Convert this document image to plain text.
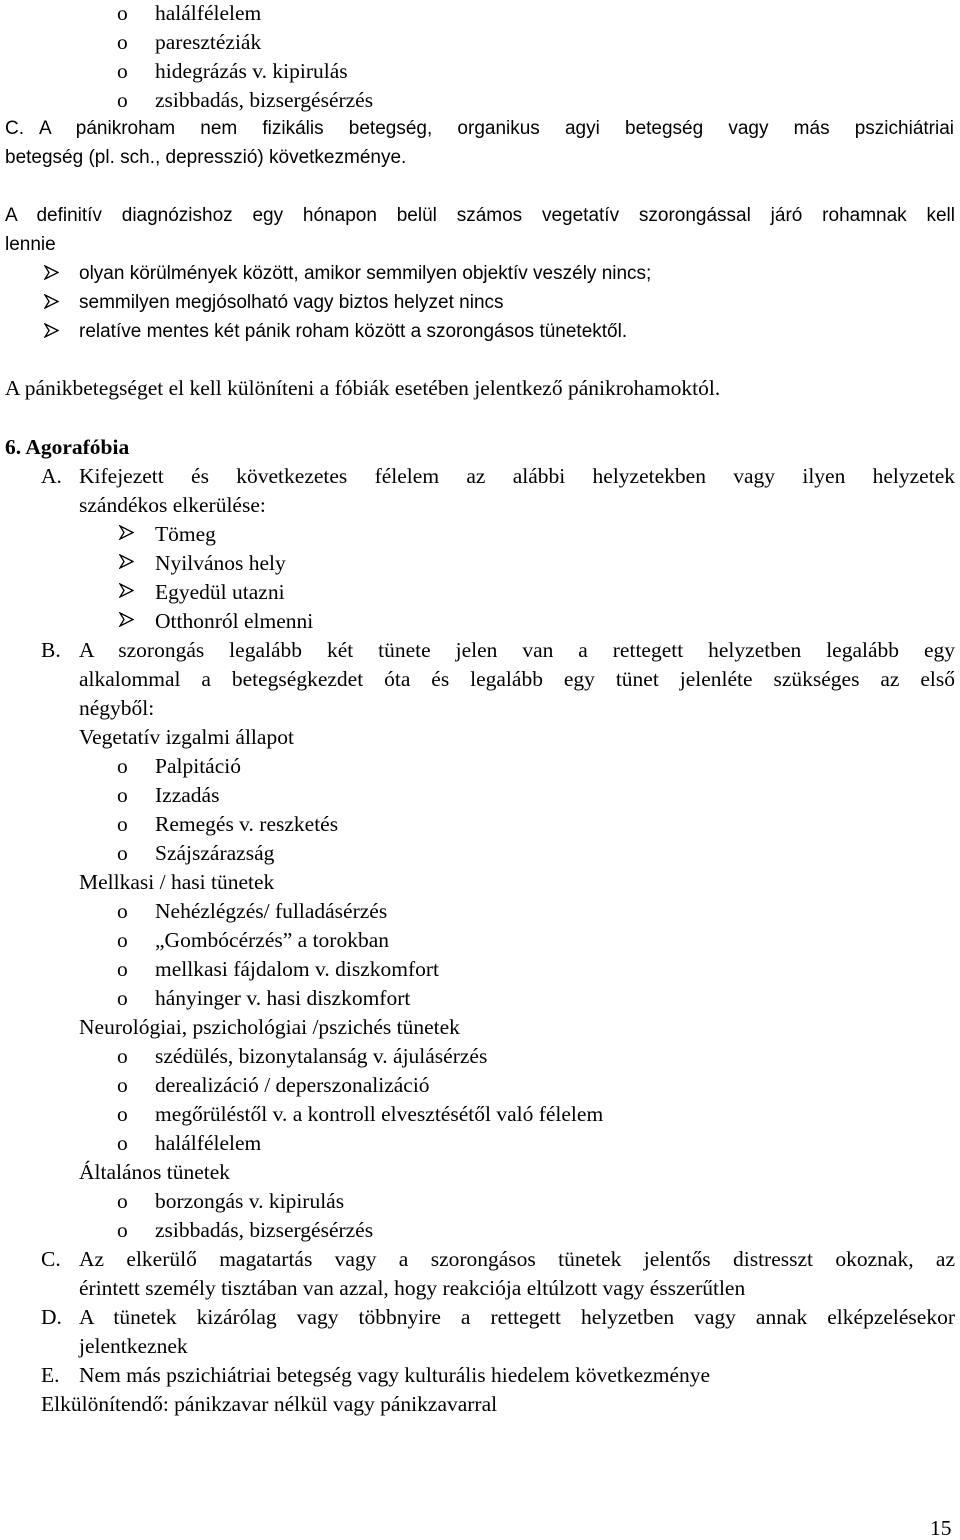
o halálfélelem
o paresztéziák
o hidegrázás v. kipirulás
o zsibbadás, bizsergésérzés
C. A pánikroham nem fizikális betegség, organikus agyi betegség vagy más pszichiátriai
betegség (pl. sch., depresszió) következménye.
A definitív diagnózishoz egy hónapon belül számos vegetatív szorongással járó rohamnak kell
lennie
olyan körülmények között, amikor semmilyen objektív veszély nincs;
semmilyen megjósolható vagy biztos helyzet nincs
relatíve mentes két pánik roham között a szorongásos tünetektől.
A pánikbetegséget el kell különíteni a fóbiák esetében jelentkező pánikrohamoktól.
6. Agorafóbia
A. Kifejezett és következetes félelem az alábbi helyzetekben vagy ilyen helyzetek
szándékos elkerülése:
Tömeg
Nyilvános hely
Egyedül utazni
Otthonról elmenni
B. A szorongás legalább két tünete jelen van a rettegett helyzetben legalább egy
alkalommal a betegségkezdet óta és legalább egy tünet jelenléte szükséges az első
négyből:
Vegetatív izgalmi állapot
o Palpitáció
o Izzadás
o Remegés v. reszketés
o Szájszárazság
Mellkasi / hasi tünetek
o Nehézlégzés/ fulladásérzés
o „Gombócérzés” a torokban
o mellkasi fájdalom v. diszkomfort
o hányinger v. hasi diszkomfort
Neurológiai, pszichológiai /pszichés tünetek
o szédülés, bizonytalanság v. ájulásérzés
o derealizáció / deperszonalizáció
o megőrüléstől v. a kontroll elvesztésétől való félelem
o halálfélelem
Általános tünetek
o borzongás v. kipirulás
o zsibbadás, bizsergésérzés
C. Az elkerülő magatartás vagy a szorongásos tünetek jelentős distresszt okoznak, az
érintett személy tisztában van azzal, hogy reakciója eltúlzott vagy ésszerűtlen
D. A tünetek kizárólag vagy többnyire a rettegett helyzetben vagy annak elképzelésekor
jelentkeznek
E. Nem más pszichiátriai betegség vagy kulturális hiedelem következménye
Elkülönítendő: pánikzavar nélkül vagy pánikzavarral
15
